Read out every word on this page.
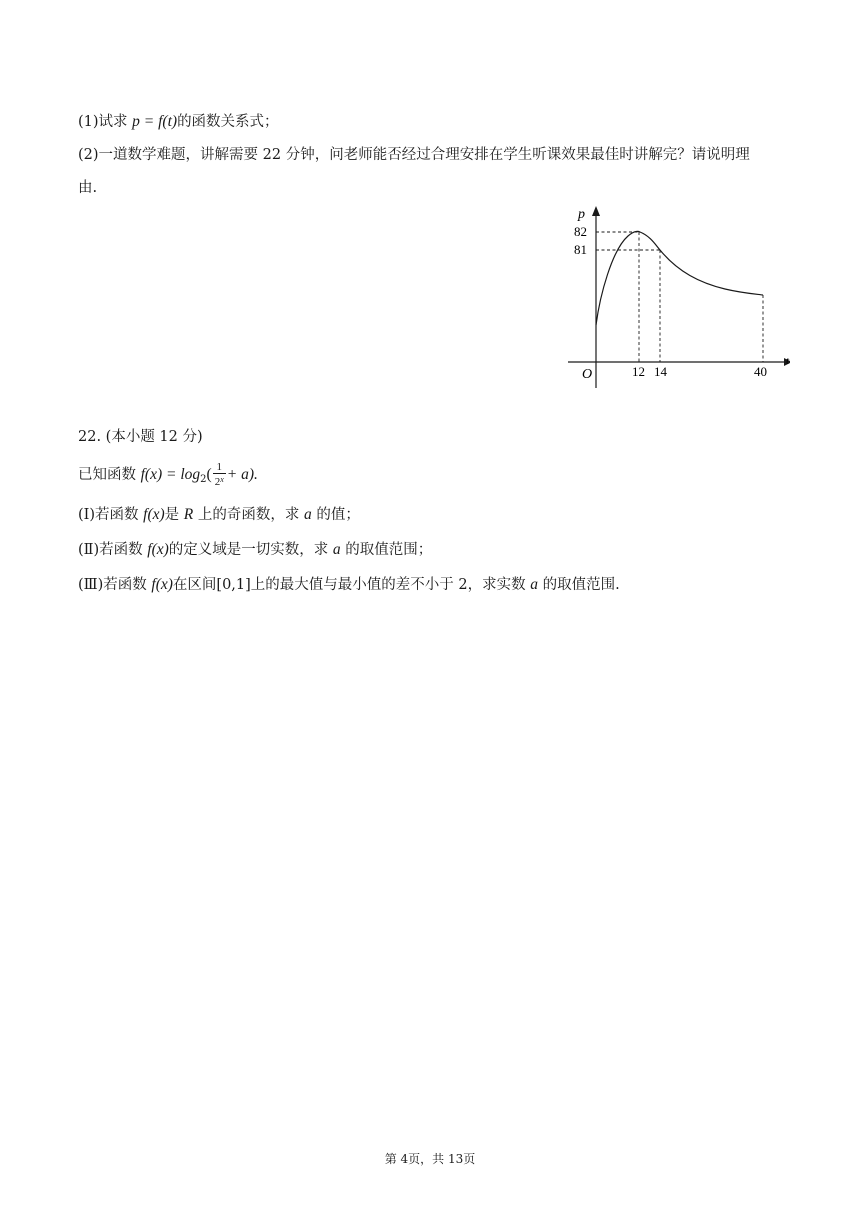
(1)试求 p = f(t)的函数关系式；
(2)一道数学难题，讲解需要 22 分钟，问老师能否经过合理安排在学生听课效果最佳时讲解完？请说明理
由.
p
t
O
82
81
12 14	40
22. (本小题 12 分)
已知函数 $f(x) = \log_2( \frac{1}{2^x} + a)$.
(Ⅰ)若函数 f(x)是 R 上的奇函数，求 a 的值；
(Ⅱ)若函数 f(x)的定义域是一切实数，求 a 的取值范围；
(Ⅲ)若函数 f(x)在区间[0,1]上的最大值与最小值的差不小于 2，求实数 a 的取值范围.
第 4页，共 13页
